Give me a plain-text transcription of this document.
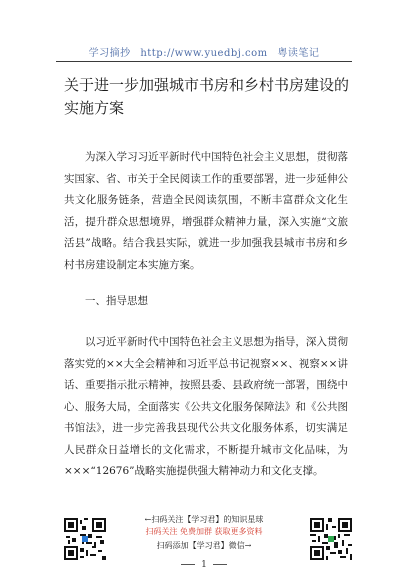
学习摘抄 http://www.yuedbj.com 粤读笔记
关于进一步加强城市书房和乡村书房建设的实施方案

为深入学习习近平新时代中国特色社会主义思想，贯彻落实国家、省、市关于全民阅读工作的重要部署，进一步延伸公共文化服务链条，营造全民阅读氛围，不断丰富群众文化生活，提升群众思想境界，增强群众精神力量，深入实施“文旅活县”战略。结合我县实际，就进一步加强我县城市书房和乡村书房建设制定本实施方案。

一、指导思想

以习近平新时代中国特色社会主义思想为指导，深入贯彻落实党的××大全会精神和习近平总书记视察××、视察××讲话、重要指示批示精神，按照县委、县政府统一部署，围绕中心、服务大局，全面落实《公共文化服务保障法》和《公共图书馆法》，进一步完善我县现代公共文化服务体系，切实满足人民群众日益增长的文化需求，不断提升城市文化品味，为×××“12676”战略实施提供强大精神动力和文化支撑。

←扫码关注【学习君】的知识星球
扫码关注 免费加群 获取更多资料
扫码添加【学习君】微信→
1
